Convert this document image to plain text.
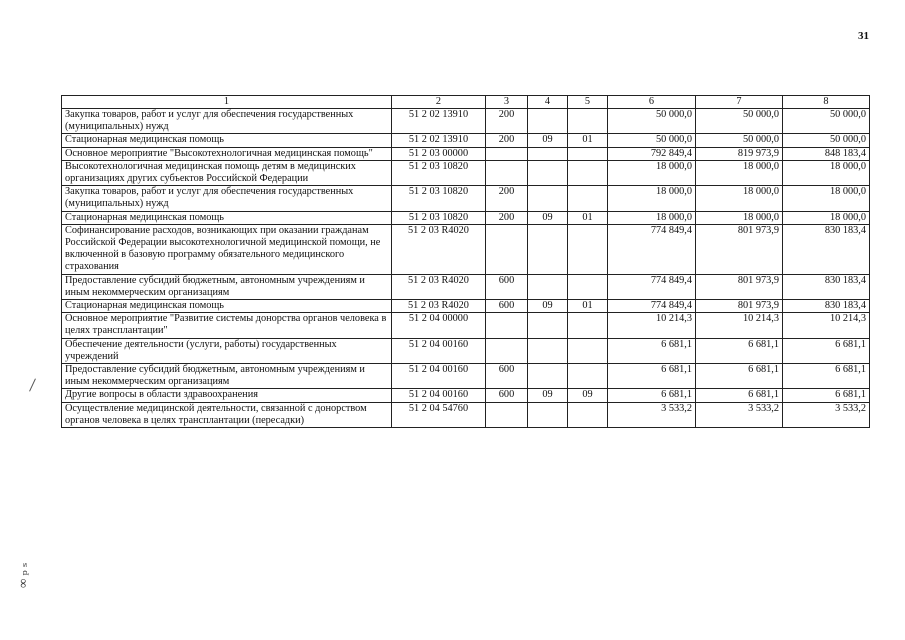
31
∞ ₚ ₛ
1	2	3	4	5	6	7	8
Закупка товаров, работ и услуг для обеспечения государственных (муниципальных) нужд	51 2 02 13910	200			50 000,0	50 000,0	50 000,0
Стационарная медицинская помощь	51 2 02 13910	200	09	01	50 000,0	50 000,0	50 000,0
Основное мероприятие "Высокотехнологичная медицинская помощь"	51 2 03 00000				792 849,4	819 973,9	848 183,4
Высокотехнологичная медицинская помощь детям в медицинских организациях других субъектов Российской Федерации	51 2 03 10820				18 000,0	18 000,0	18 000,0
Закупка товаров, работ и услуг для обеспечения государственных (муниципальных) нужд	51 2 03 10820	200			18 000,0	18 000,0	18 000,0
Стационарная медицинская помощь	51 2 03 10820	200	09	01	18 000,0	18 000,0	18 000,0
Софинансирование расходов, возникающих при оказании гражданам Российской Федерации высокотехнологичной медицинской помощи, не включенной в базовую программу обязательного медицинского страхования	51 2 03 R4020				774 849,4	801 973,9	830 183,4
Предоставление субсидий бюджетным, автономным учреждениям и иным некоммерческим организациям	51 2 03 R4020	600			774 849,4	801 973,9	830 183,4
Стационарная медицинская помощь	51 2 03 R4020	600	09	01	774 849,4	801 973,9	830 183,4
Основное мероприятие "Развитие системы донорства органов человека в целях трансплантации"	51 2 04 00000				10 214,3	10 214,3	10 214,3
Обеспечение деятельности (услуги, работы) государственных учреждений	51 2 04 00160				6 681,1	6 681,1	6 681,1
Предоставление субсидий бюджетным, автономным учреждениям и иным некоммерческим организациям	51 2 04 00160	600			6 681,1	6 681,1	6 681,1
Другие вопросы в области здравоохранения	51 2 04 00160	600	09	09	6 681,1	6 681,1	6 681,1
Осуществление медицинской деятельности, связанной с донорством органов человека в целях трансплантации (пересадки)	51 2 04 54760				3 533,2	3 533,2	3 533,2
